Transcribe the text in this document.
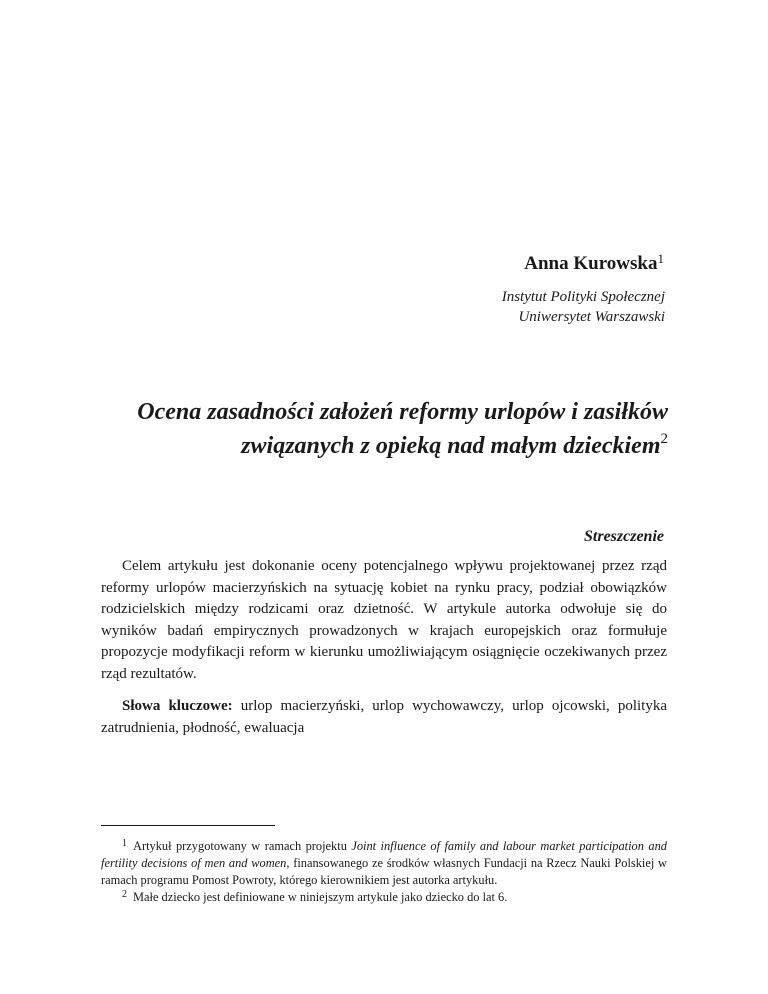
Anna Kurowska$^1$
Instytut Polityki Społecznej
Uniwersytet Warszawski
Ocena zasadności założeń reformy urlopów i zasiłków
związanych z opieką nad małym dzieckiem$^2$
Streszczenie

Celem artykułu jest dokonanie oceny potencjalnego wpływu projektowanej przez rząd reformy urlopów macierzyńskich na sytuację kobiet na rynku pracy, podział obowiązków rodzicielskich między rodzicami oraz dzietność. W artykule autorka odwołuje się do wyników badań empirycznych prowadzonych w krajach europejskich oraz formułuje propozycje modyfikacji reform w kierunku umożliwiającym osiągnięcie oczekiwanych przez rząd rezultatów.

Słowa kluczowe: urlop macierzyński, urlop wychowawczy, urlop ojcowski, polityka zatrudnienia, płodność, ewaluacja

$^1$ Artykuł przygotowany w ramach projektu Joint influence of family and labour market participation and fertility decisions of men and women, finansowanego ze środków własnych Fundacji na Rzecz Nauki Polskiej w ramach programu Pomost Powroty, którego kierownikiem jest autorka artykułu.

$^2$ Małe dziecko jest definiowane w niniejszym artykule jako dziecko do lat 6.
